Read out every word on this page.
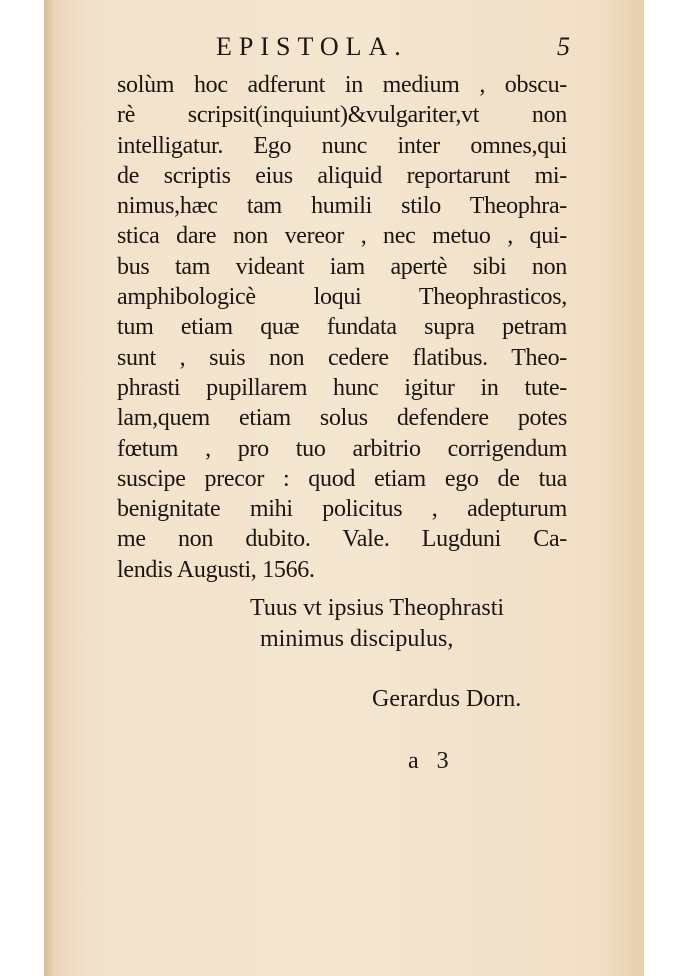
EPISTOLA.	5
solùm hoc adferunt in medium , obscu-
rè scripsit(inquiunt)&vulgariter,vt non
intelligatur. Ego nunc inter omnes,qui
de scriptis eius aliquid reportarunt mi-
nimus,hæc tam humili stilo Theophra-
stica dare non vereor , nec metuo , qui-
bus tam videant iam apertè sibi non
amphibologicè loqui Theophrasticos,
tum etiam quæ fundata supra petram
sunt , suis non cedere flatibus. Theo-
phrasti pupillarem hunc igitur in tute-
lam,quem etiam solus defendere potes
fœtum , pro tuo arbitrio corrigendum
suscipe precor : quod etiam ego de tua
benignitate mihi policitus , adepturum
me non dubito. Vale. Lugduni Ca-
lendis Augusti, 1566.
Tuus vt ipsius Theophrasti
minimus discipulus,
Gerardus Dorn.
a 3
